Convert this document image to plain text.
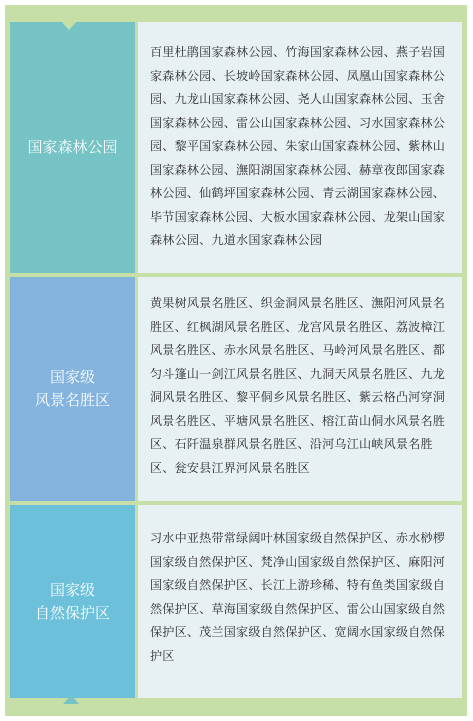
国家森林公园
百里杜鹃国家森林公园、竹海国家森林公园、燕子岩国家森林公园、长坡岭国家森林公园、凤凰山国家森林公园、九龙山国家森林公园、尧人山国家森林公园、玉舍国家森林公园、雷公山国家森林公园、习水国家森林公园、黎平国家森林公园、朱家山国家森林公园、紫林山国家森林公园、潕阳湖国家森林公园、赫章夜郎国家森林公园、仙鹤坪国家森林公园、青云湖国家森林公园、毕节国家森林公园、大板水国家森林公园、龙架山国家森林公园、九道水国家森林公园
国家级
风景名胜区
黄果树风景名胜区、织金洞风景名胜区、潕阳河风景名胜区、红枫湖风景名胜区、龙宫风景名胜区、荔波樟江风景名胜区、赤水风景名胜区、马岭河风景名胜区、都匀斗篷山一剑江风景名胜区、九洞天风景名胜区、九龙洞风景名胜区、黎平侗乡风景名胜区、紫云格凸河穿洞风景名胜区、平塘风景名胜区、榕江苗山侗水风景名胜区、石阡温泉群风景名胜区、沿河乌江山峡风景名胜区、瓮安县江界河风景名胜区
国家级
自然保护区
习水中亚热带常绿阔叶林国家级自然保护区、赤水桫椤国家级自然保护区、梵净山国家级自然保护区、麻阳河国家级自然保护区、长江上游珍稀、特有鱼类国家级自然保护区、草海国家级自然保护区、雷公山国家级自然保护区、茂兰国家级自然保护区、宽阔水国家级自然保护区
